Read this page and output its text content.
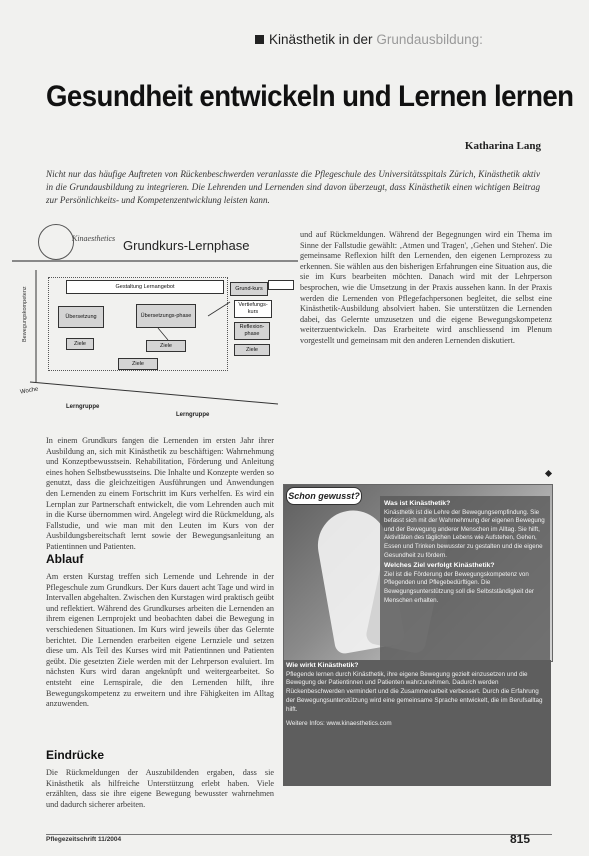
Kinästhetik in der Grundausbildung:
Gesundheit entwickeln und Lernen lernen
Katharina Lang
Nicht nur das häufige Auftreten von Rückenbeschwerden veranlasste die Pflegeschule des Universitätsspitals Zürich, Kinästhetik aktiv in die Grundausbildung zu integrieren. Die Lehrenden und Lernenden sind davon überzeugt, dass Kinästhetik einen wichtigen Beitrag zur Persönlichkeits- und Kompetenzentwicklung leisten kann.
Kinaesthetics Grundkurs-Lernphase
Bewegungskompetenz	Gestaltung Lernangebot
Übersetzung	Übersetzungs-phase
Ziele	Ziele
Ziele
Grund-kurs
Vertiefungs-kurs
Reflexion-phase
Ziele
Woche
Lerngruppe
Lerngruppe
In einem Grundkurs fangen die Lernenden im ersten Jahr ihrer Ausbildung an, sich mit Kinästhetik zu beschäftigen: Wahrnehmung und Konzeptbewusstsein. Rehabilitation, Förderung und Anleitung eines hohen Selbstbewusstseins. Die Inhalte und Konzepte werden so genutzt, dass die gleichzeitigen Ausführungen und Anwendungen den Lernenden zu einem Fortschritt im Kurs verhelfen. Es wird ein Lernplan zur Partnerschaft entwickelt, die vom Lehrenden auch mit in die Kurse übernommen wird. Angelegt wird die Rückmeldung, als Fallstudie, und wie man mit den Leuten im Kurs von der Ausbildungsbereitschaft lernt sowie der Bewegungsanleitung an Patientinnen und Patienten.
Ablauf
Am ersten Kurstag treffen sich Lernende und Lehrende in der Pflegeschule zum Grundkurs. Der Kurs dauert acht Tage und wird in Intervallen abgehalten. Zwischen den Kurstagen wird praktisch geübt und reflektiert. Während des Grundkurses arbeiten die Lernenden an ihrem eigenen Lernprojekt und beobachten dabei die Bewegung in verschiedenen Situationen. Im Kurs wird jeweils über das Gelernte berichtet. Die Lernenden erarbeiten eigene Lernziele und setzen diese um. Als Teil des Kurses wird mit Patientinnen und Patienten geübt. Die gesetzten Ziele werden mit der Lehrperson evaluiert. Im nächsten Kurs wird daran angeknüpft und weitergearbeitet. So entsteht eine Lernspirale, die den Lernenden hilft, ihre Bewegungskompetenz zu erweitern und ihre Fähigkeiten im Alltag anzuwenden.
Eindrücke
Die Rückmeldungen der Auszubildenden ergaben, dass sie Kinästhetik als hilfreiche Unterstützung erlebt haben. Viele erzählten, dass sie ihre eigene Bewegung bewusster wahrnehmen und dadurch sicherer arbeiten.
und auf Rückmeldungen. Während der Begegnungen wird ein Thema im Sinne der Fallstudie gewählt: ‚Atmen und Tragen', ‚Gehen und Stehen'. Die gemeinsame Reflexion hilft den Lernenden, den eigenen Lernprozess zu erkennen. Sie wählen aus den bisherigen Erfahrungen eine Situation aus, die sie im Kurs bearbeiten möchten. Danach wird mit der Lehrperson besprochen, wie die Umsetzung in der Praxis aussehen kann. In der Praxis werden die Lernenden von Pflegefachpersonen begleitet, die selbst eine Kinästhetik-Ausbildung absolviert haben. Sie unterstützen die Lernenden dabei, das Gelernte umzusetzen und die eigene Bewegungskompetenz weiterzuentwickeln. Das Erarbeitete wird anschliessend im Plenum vorgestellt und gemeinsam mit den anderen Lernenden diskutiert.
Schon gewusst?
Was ist Kinästhetik?
Kinästhetik ist die Lehre der Bewegungsempfindung. Sie befasst sich mit der Wahrnehmung der eigenen Bewegung und der Bewegung anderer Menschen im Alltag. Sie hilft, Aktivitäten des täglichen Lebens wie Aufstehen, Gehen, Essen und Trinken bewusster zu gestalten und die eigene Gesundheit zu fördern.
Welches Ziel verfolgt Kinästhetik?
Ziel ist die Förderung der Bewegungskompetenz von Pflegenden und Pflegebedürftigen. Die Bewegungsunterstützung soll die Selbstständigkeit der Menschen erhalten.
Wie wirkt Kinästhetik?
Pflegende lernen durch Kinästhetik, ihre eigene Bewegung gezielt einzusetzen und die Bewegung der Patientinnen und Patienten wahrzunehmen. Dadurch werden Rückenbeschwerden vermindert und die Zusammenarbeit verbessert. Durch die Erfahrung der Bewegungsunterstützung wird eine gemeinsame Sprache entwickelt, die im Berufsalltag hilft.
Weitere Infos: www.kinaesthetics.com
Pflegezeitschrift 11/2004	815
